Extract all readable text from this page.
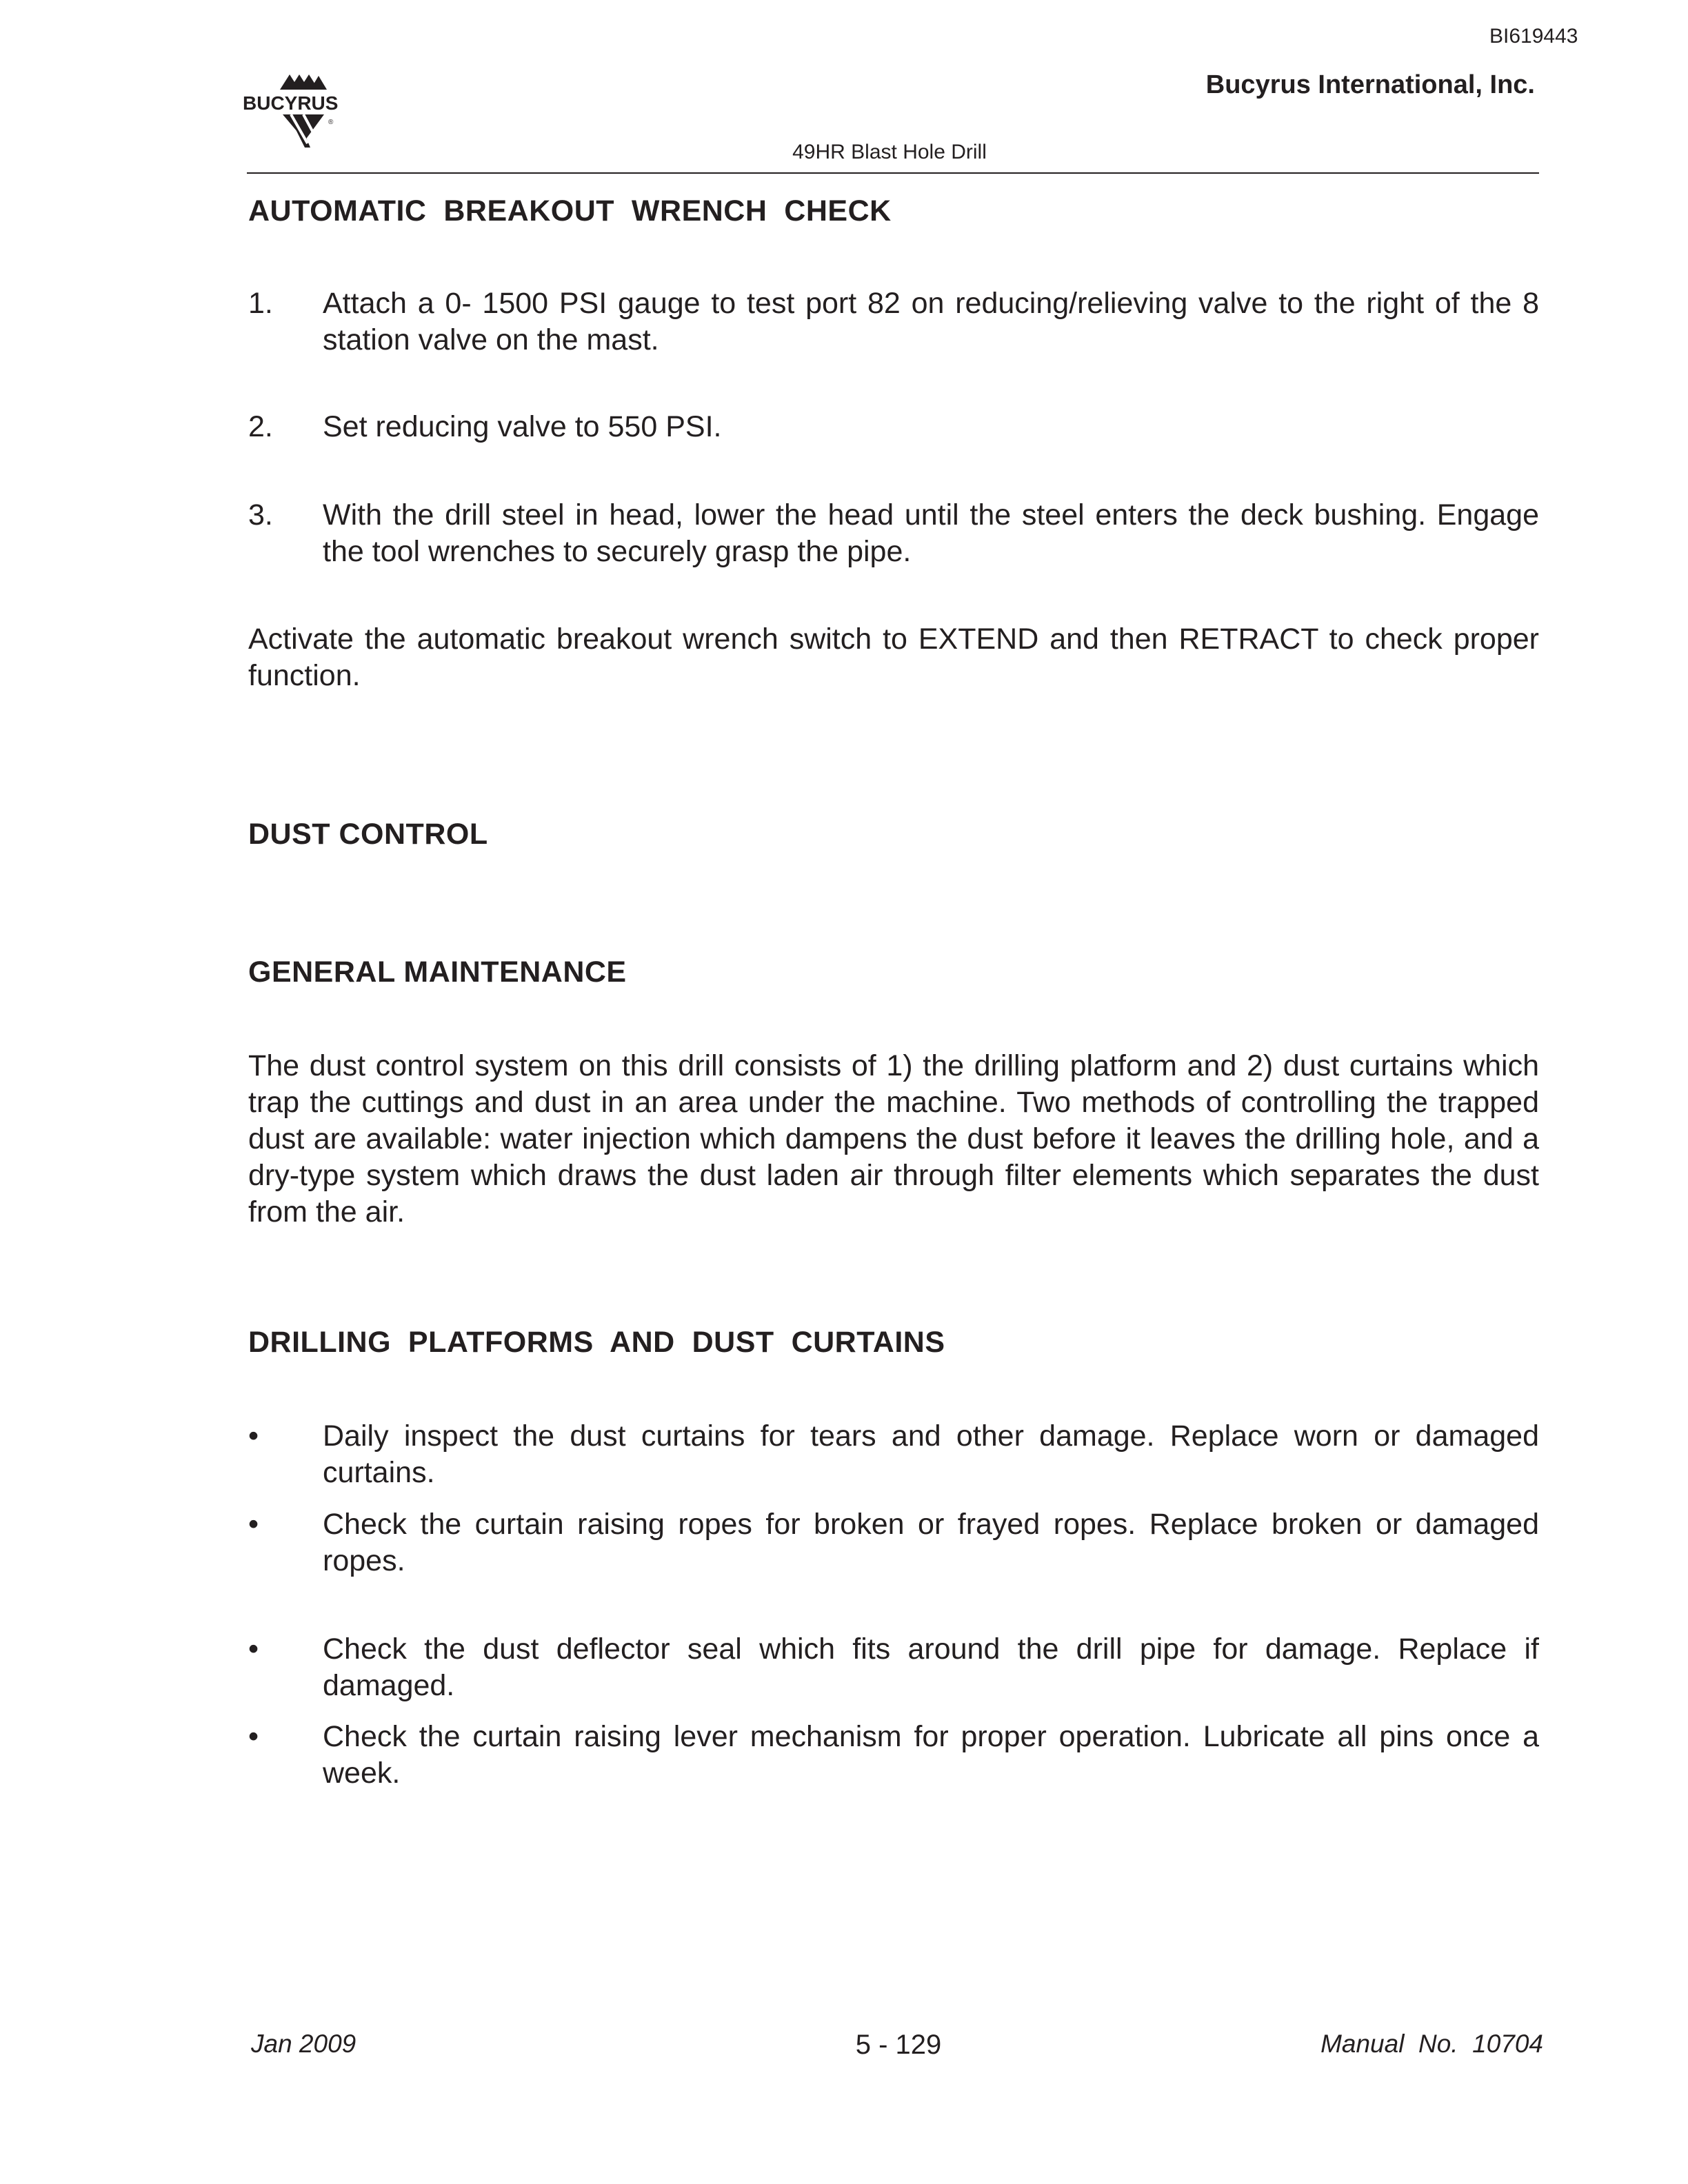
BI619443
Bucyrus International, Inc.
BUCYRUS
®
49HR Blast Hole Drill
AUTOMATIC  BREAKOUT  WRENCH  CHECK
1. Attach a 0- 1500 PSI gauge to test port 82 on reducing/relieving valve to the right of the 8 station valve on the mast.
2. Set reducing valve to 550 PSI.
3. With the drill steel in head, lower the head until the steel enters the deck bushing. Engage the tool wrenches to securely grasp the pipe.
Activate the automatic breakout wrench switch to EXTEND and then RETRACT to check proper function.
DUST CONTROL
GENERAL MAINTENANCE
The dust control system on this drill consists of 1) the drilling platform and 2) dust curtains which trap the cuttings and dust in an area under the machine. Two methods of controlling the trapped dust are available: water injection which dampens the dust before it leaves the drilling hole, and a dry-type system which draws the dust laden air through filter elements which separates the dust from the air.
DRILLING  PLATFORMS  AND  DUST  CURTAINS
• Daily inspect the dust curtains for tears and other damage. Replace worn or damaged curtains.
• Check the curtain raising ropes for broken or frayed ropes. Replace broken or damaged ropes.
• Check the dust deflector seal which fits around the drill pipe for damage. Replace if damaged.
• Check the curtain raising lever mechanism for proper operation. Lubricate all pins once a week.
Jan 2009	5 - 129	Manual  No.  10704
